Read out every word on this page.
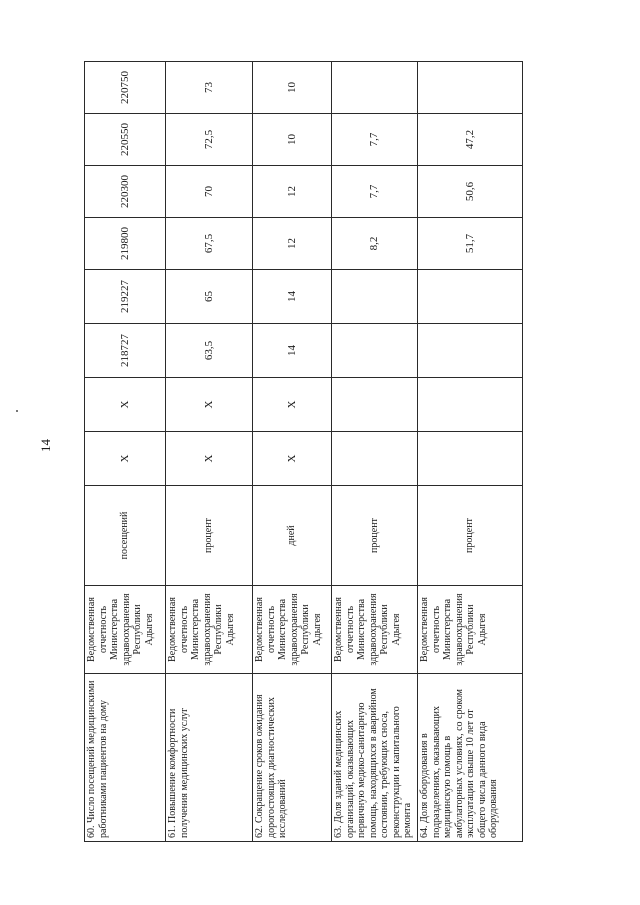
14
60. Число посещений медицинскими работниками пациентов на дому	Ведомственная отчетность Министерства здравоохранения Республики Адыгея	посещений	X	X	218727	219227	219800	220300	220550	220750
61. Повышение комфортности получения медицинских услуг	Ведомственная отчетность Министерства здравоохранения Республики Адыгея	процент	X	X	63,5	65	67,5	70	72,5	73
62. Сокращение сроков ожидания дорогостоящих диагностических исследований	Ведомственная отчетность Министерства здравоохранения Республики Адыгея	дней	X	X	14	14	12	12	10	10
63. Доля зданий медицинских организаций, оказывающих первичную медико-санитарную помощь, находящихся в аварийном состоянии, требующих сноса, реконструкции и капитального ремонта	Ведомственная отчетность Министерства здравоохранения Республики Адыгея	процент					8,2	7,7	7,7	
64. Доля оборудования в подразделениях, оказывающих медицинскую помощь в амбулаторных условиях, со сроком эксплуатации свыше 10 лет от общего числа данного вида оборудования	Ведомственная отчетность Министерства здравоохранения Республики Адыгея	процент					51,7	50,6	47,2	
